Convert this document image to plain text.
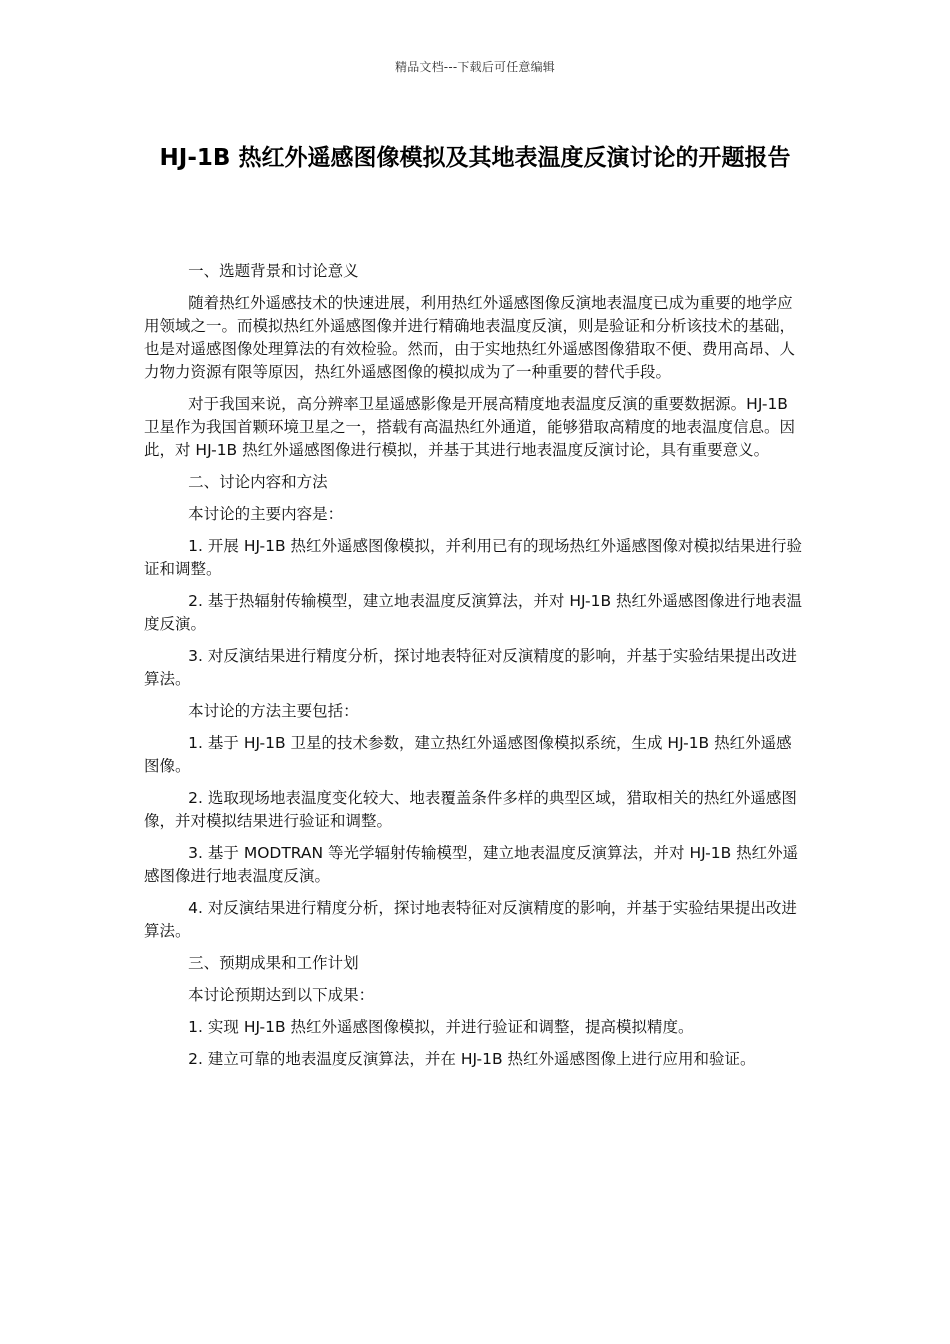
精品文档---下载后可任意编辑
HJ-1B 热红外遥感图像模拟及其地表温度反演讨论的开题报告

一、选题背景和讨论意义

随着热红外遥感技术的快速进展，利用热红外遥感图像反演地表温度已成为重要的地学应用领域之一。而模拟热红外遥感图像并进行精确地表温度反演，则是验证和分析该技术的基础，也是对遥感图像处理算法的有效检验。然而，由于实地热红外遥感图像猎取不便、费用高昂、人力物力资源有限等原因，热红外遥感图像的模拟成为了一种重要的替代手段。

对于我国来说，高分辨率卫星遥感影像是开展高精度地表温度反演的重要数据源。HJ-1B 卫星作为我国首颗环境卫星之一，搭载有高温热红外通道，能够猎取高精度的地表温度信息。因此，对 HJ-1B 热红外遥感图像进行模拟，并基于其进行地表温度反演讨论，具有重要意义。

二、讨论内容和方法

本讨论的主要内容是：

1. 开展 HJ-1B 热红外遥感图像模拟，并利用已有的现场热红外遥感图像对模拟结果进行验证和调整。

2. 基于热辐射传输模型，建立地表温度反演算法，并对 HJ-1B 热红外遥感图像进行地表温度反演。

3. 对反演结果进行精度分析，探讨地表特征对反演精度的影响，并基于实验结果提出改进算法。

本讨论的方法主要包括：

1. 基于 HJ-1B 卫星的技术参数，建立热红外遥感图像模拟系统，生成 HJ-1B 热红外遥感图像。

2. 选取现场地表温度变化较大、地表覆盖条件多样的典型区域，猎取相关的热红外遥感图像，并对模拟结果进行验证和调整。

3. 基于 MODTRAN 等光学辐射传输模型，建立地表温度反演算法，并对 HJ-1B 热红外遥感图像进行地表温度反演。

4. 对反演结果进行精度分析，探讨地表特征对反演精度的影响，并基于实验结果提出改进算法。

三、预期成果和工作计划

本讨论预期达到以下成果：

1. 实现 HJ-1B 热红外遥感图像模拟，并进行验证和调整，提高模拟精度。

2. 建立可靠的地表温度反演算法，并在 HJ-1B 热红外遥感图像上进行应用和验证。
